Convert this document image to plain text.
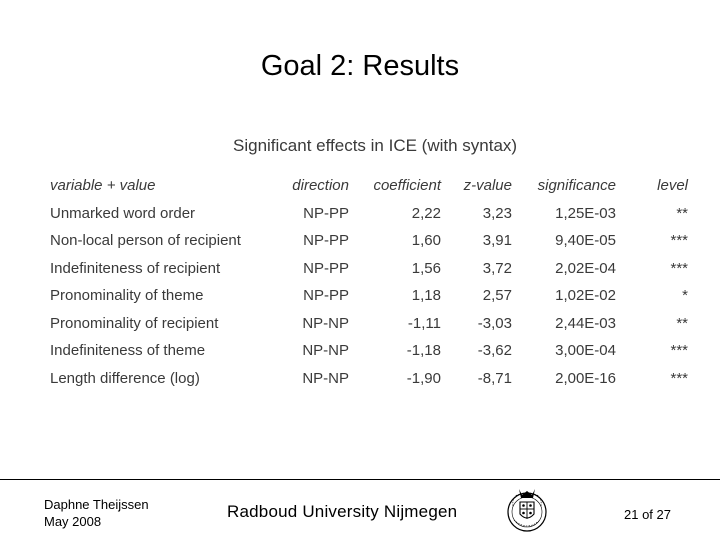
Goal 2: Results
Significant effects in ICE (with syntax)
variable + value	direction	coefficient	z-value	significance	level
Unmarked word order	NP-PP	2,22	3,23	1,25E-03	**
Non-local person of recipient	NP-PP	1,60	3,91	9,40E-05	***
Indefiniteness of recipient	NP-PP	1,56	3,72	2,02E-04	***
Pronominality of theme	NP-PP	1,18	2,57	1,02E-02	*
Pronominality of recipient	NP-NP	-1,11	-3,03	2,44E-03	**
Indefiniteness of theme	NP-NP	-1,18	-3,62	3,00E-04	***
Length difference (log)	NP-NP	-1,90	-8,71	2,00E-16	***
Daphne Theijssen
May 2008
Radboud University Nijmegen	21 of 27
